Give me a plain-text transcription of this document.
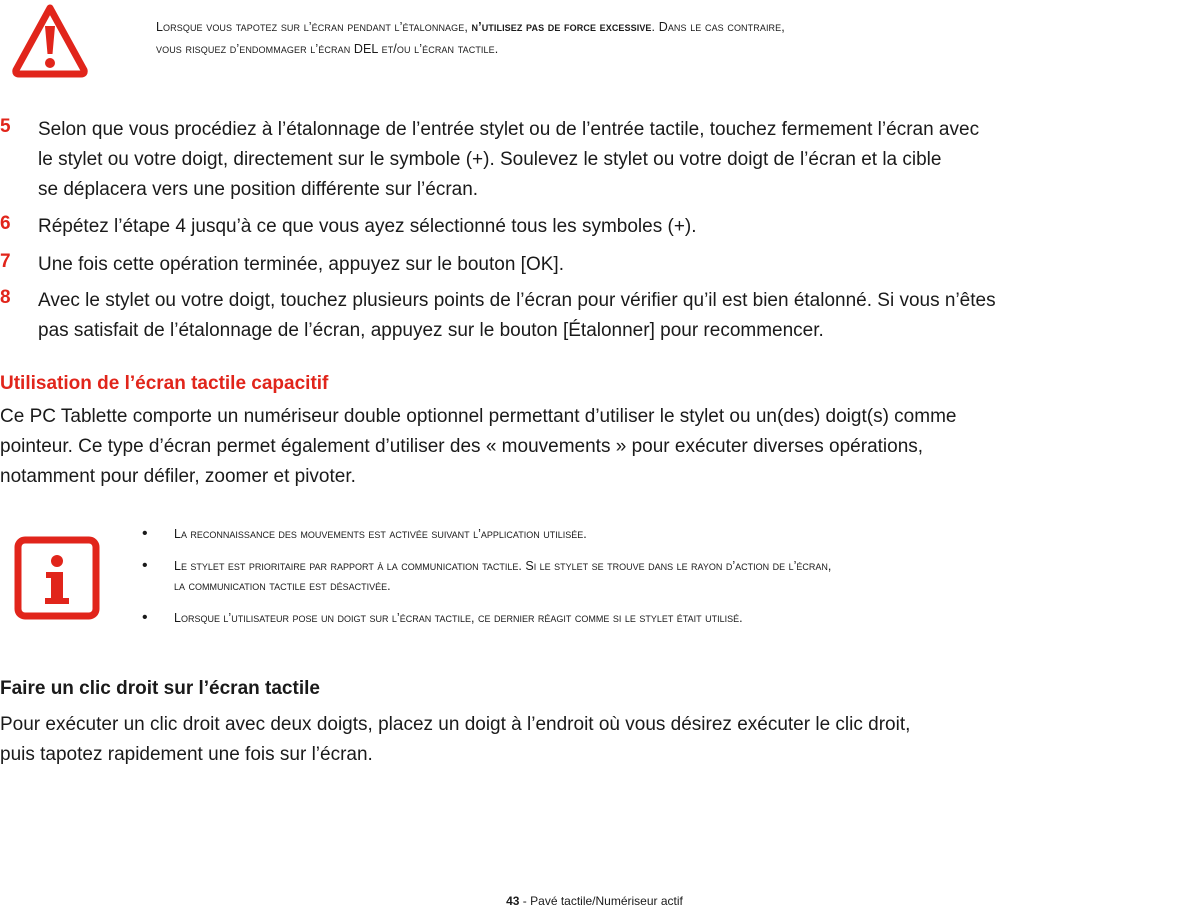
Lorsque vous tapotez sur l’écran pendant l’étalonnage, n’utilisez pas de force excessive. Dans le cas contraire,
vous risquez d’endommager l’écran DEL et/ou l’écran tactile.
5	Selon que vous procédiez à l’étalonnage de l’entrée stylet ou de l’entrée tactile, touchez fermement l’écran avec
le stylet ou votre doigt, directement sur le symbole (+). Soulevez le stylet ou votre doigt de l’écran et la cible
se déplacera vers une position différente sur l’écran.
6	Répétez l’étape 4 jusqu’à ce que vous ayez sélectionné tous les symboles (+).
7	Une fois cette opération terminée, appuyez sur le bouton [OK].
8	Avec le stylet ou votre doigt, touchez plusieurs points de l’écran pour vérifier qu’il est bien étalonné. Si vous n’êtes
pas satisfait de l’étalonnage de l’écran, appuyez sur le bouton [Étalonner] pour recommencer.
Utilisation de l’écran tactile capacitif
Ce PC Tablette comporte un numériseur double optionnel permettant d’utiliser le stylet ou un(des) doigt(s) comme
pointeur. Ce type d’écran permet également d’utiliser des « mouvements » pour exécuter diverses opérations,
notamment pour défiler, zoomer et pivoter.
• La reconnaissance des mouvements est activée suivant l’application utilisée.
• Le stylet est prioritaire par rapport à la communication tactile. Si le stylet se trouve dans le rayon d’action de l’écran,
la communication tactile est désactivée.
• Lorsque l’utilisateur pose un doigt sur l’écran tactile, ce dernier réagit comme si le stylet était utilisé.
Faire un clic droit sur l’écran tactile
Pour exécuter un clic droit avec deux doigts, placez un doigt à l’endroit où vous désirez exécuter le clic droit,
puis tapotez rapidement une fois sur l’écran.
43 - Pavé tactile/Numériseur actif
